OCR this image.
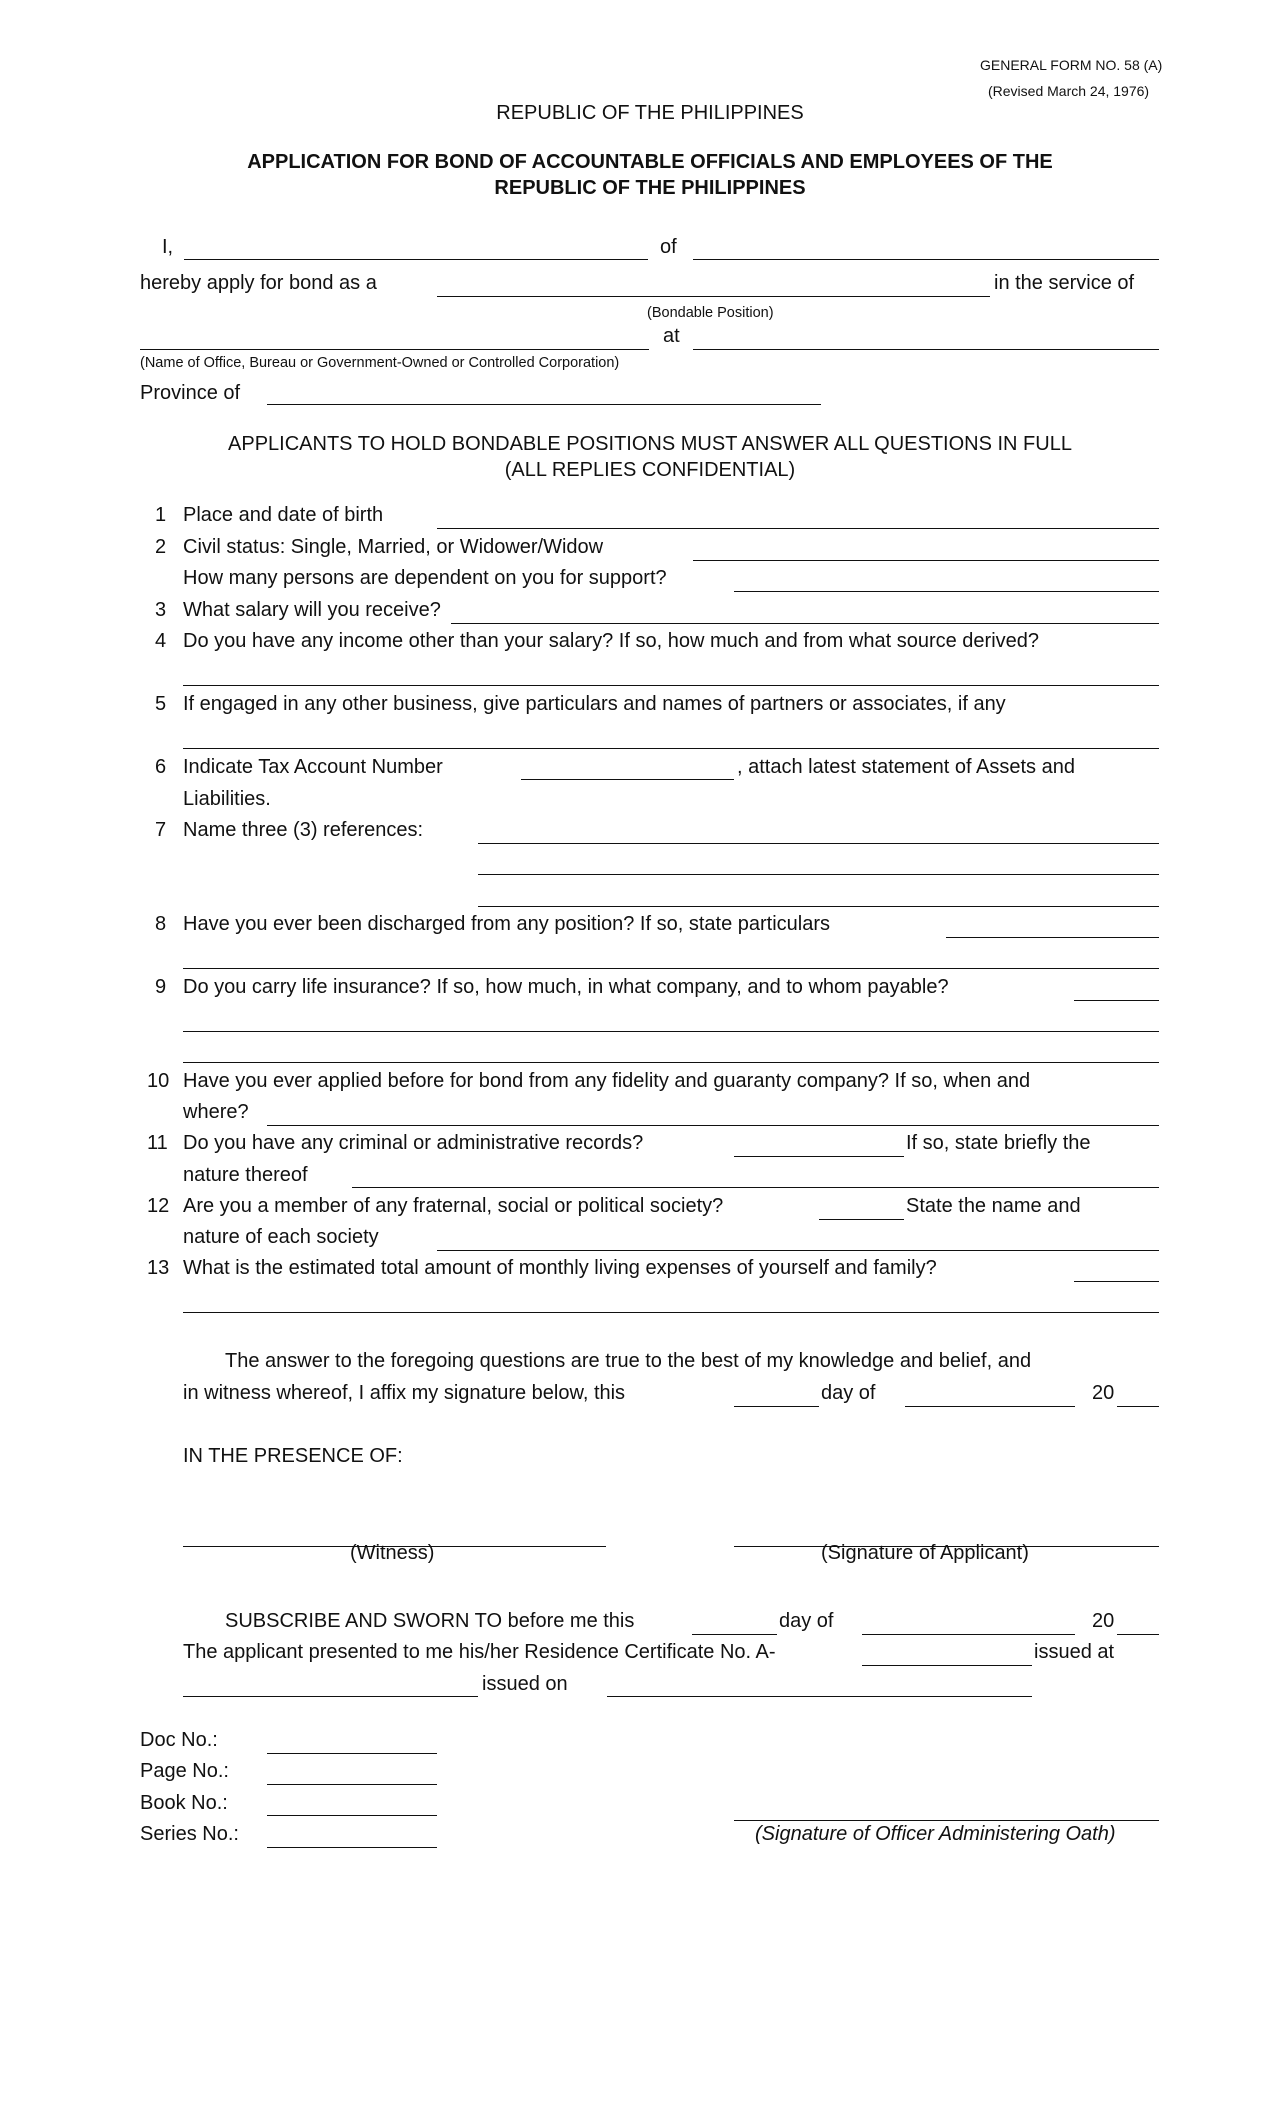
GENERAL FORM NO. 58 (A)
(Revised March 24, 1976)
REPUBLIC OF THE PHILIPPINES
APPLICATION FOR BOND OF ACCOUNTABLE OFFICIALS AND EMPLOYEES OF THE
REPUBLIC OF THE PHILIPPINES
I,	of
hereby apply for bond as a	in the service of
(Bondable Position)
at
(Name of Office, Bureau or Government-Owned or Controlled Corporation)
Province of
APPLICANTS TO HOLD BONDABLE POSITIONS MUST ANSWER ALL QUESTIONS IN FULL
(ALL REPLIES CONFIDENTIAL)
1 Place and date of birth
2 Civil status: Single, Married, or Widower/Widow
How many persons are dependent on you for support?
3 What salary will you receive?
4 Do you have any income other than your salary? If so, how much and from what source derived?
5 If engaged in any other business, give particulars and names of partners or associates, if any
6 Indicate Tax Account Number	, attach latest statement of Assets and
Liabilities.
7 Name three (3) references:
8 Have you ever been discharged from any position? If so, state particulars
9 Do you carry life insurance? If so, how much, in what company, and to whom payable?
10 Have you ever applied before for bond from any fidelity and guaranty company? If so, when and
where?
11 Do you have any criminal or administrative records?	If so, state briefly the
nature thereof
12 Are you a member of any fraternal, social or political society?	State the name and
nature of each society
13 What is the estimated total amount of monthly living expenses of yourself and family?
The answer to the foregoing questions are true to the best of my knowledge and belief, and
in witness whereof, I affix my signature below, this	day of	20
IN THE PRESENCE OF:
(Witness)	(Signature of Applicant)
SUBSCRIBE AND SWORN TO before me this	day of	20
The applicant presented to me his/her Residence Certificate No. A-	issued at
issued on
Doc No.:
Page No.:
Book No.:
Series No.:	(Signature of Officer Administering Oath)
